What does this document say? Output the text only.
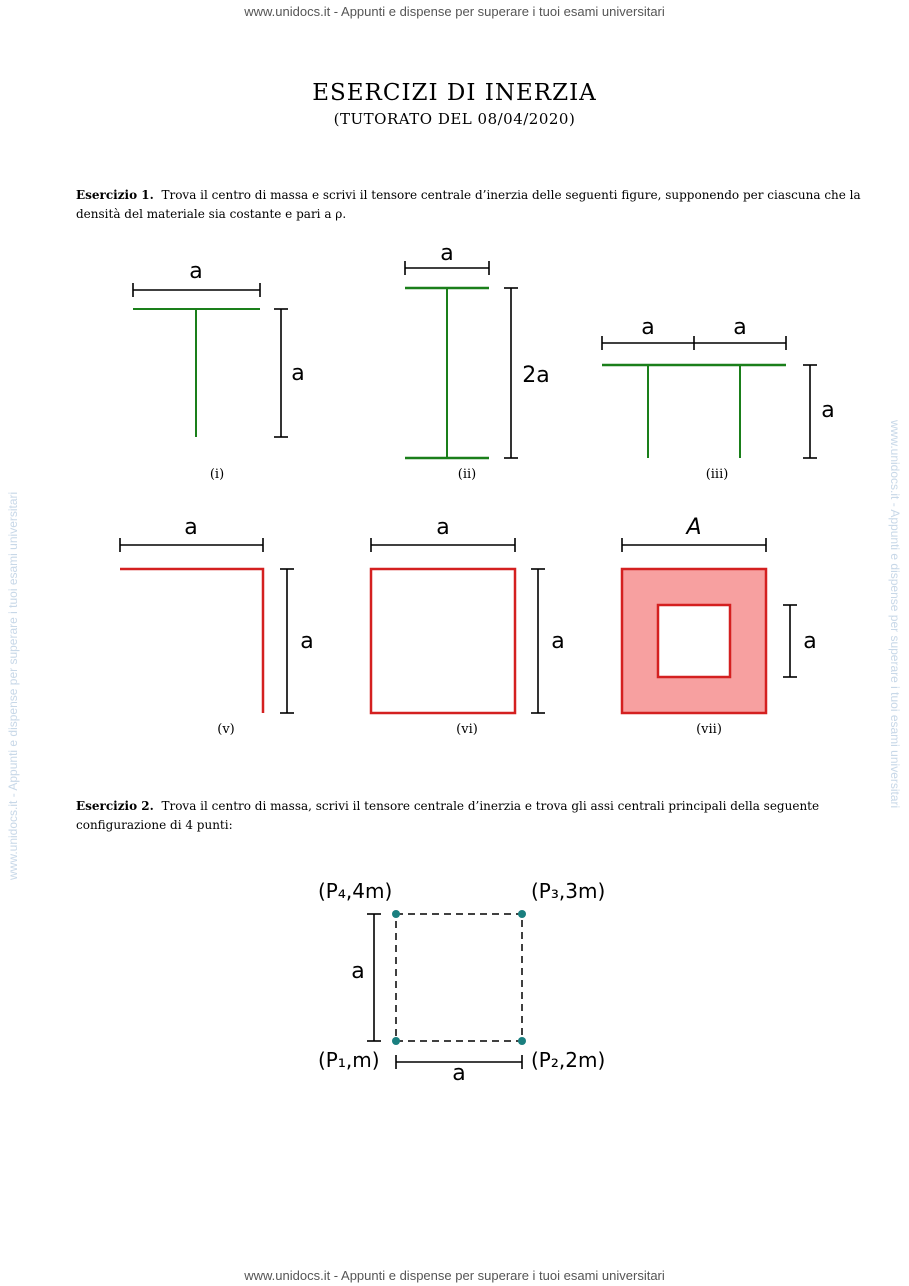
www.unidocs.it - Appunti e dispense per superare i tuoi esami universitari
www.unidocs.it - Appunti e dispense per superare i tuoi esami universitari
www.unidocs.it - Appunti e dispense per superare i tuoi esami universitari	www.unidocs.it - Appunti e dispense per superare i tuoi esami universitari
ESERCIZI DI INERZIA
(TUTORATO DEL 08/04/2020)
Esercizio 1. Trova il centro di massa e scrivi il tensore centrale d’inerzia delle seguenti figure, supponendo per ciascuna che la densità del materiale sia costante e pari a ρ.
Esercizio 2. Trova il centro di massa, scrivi il tensore centrale d’inerzia e trova gli assi centrali principali della seguente configurazione di 4 punti:
a
a
(i)
a
2a
(ii)
a	a
a
(iii)
a
a
(v)
a
a
(vi)
A
a
(vii)
(P₄,4m)	(P₃,3m)
(P₁,m)	(P₂,2m)
a
a
